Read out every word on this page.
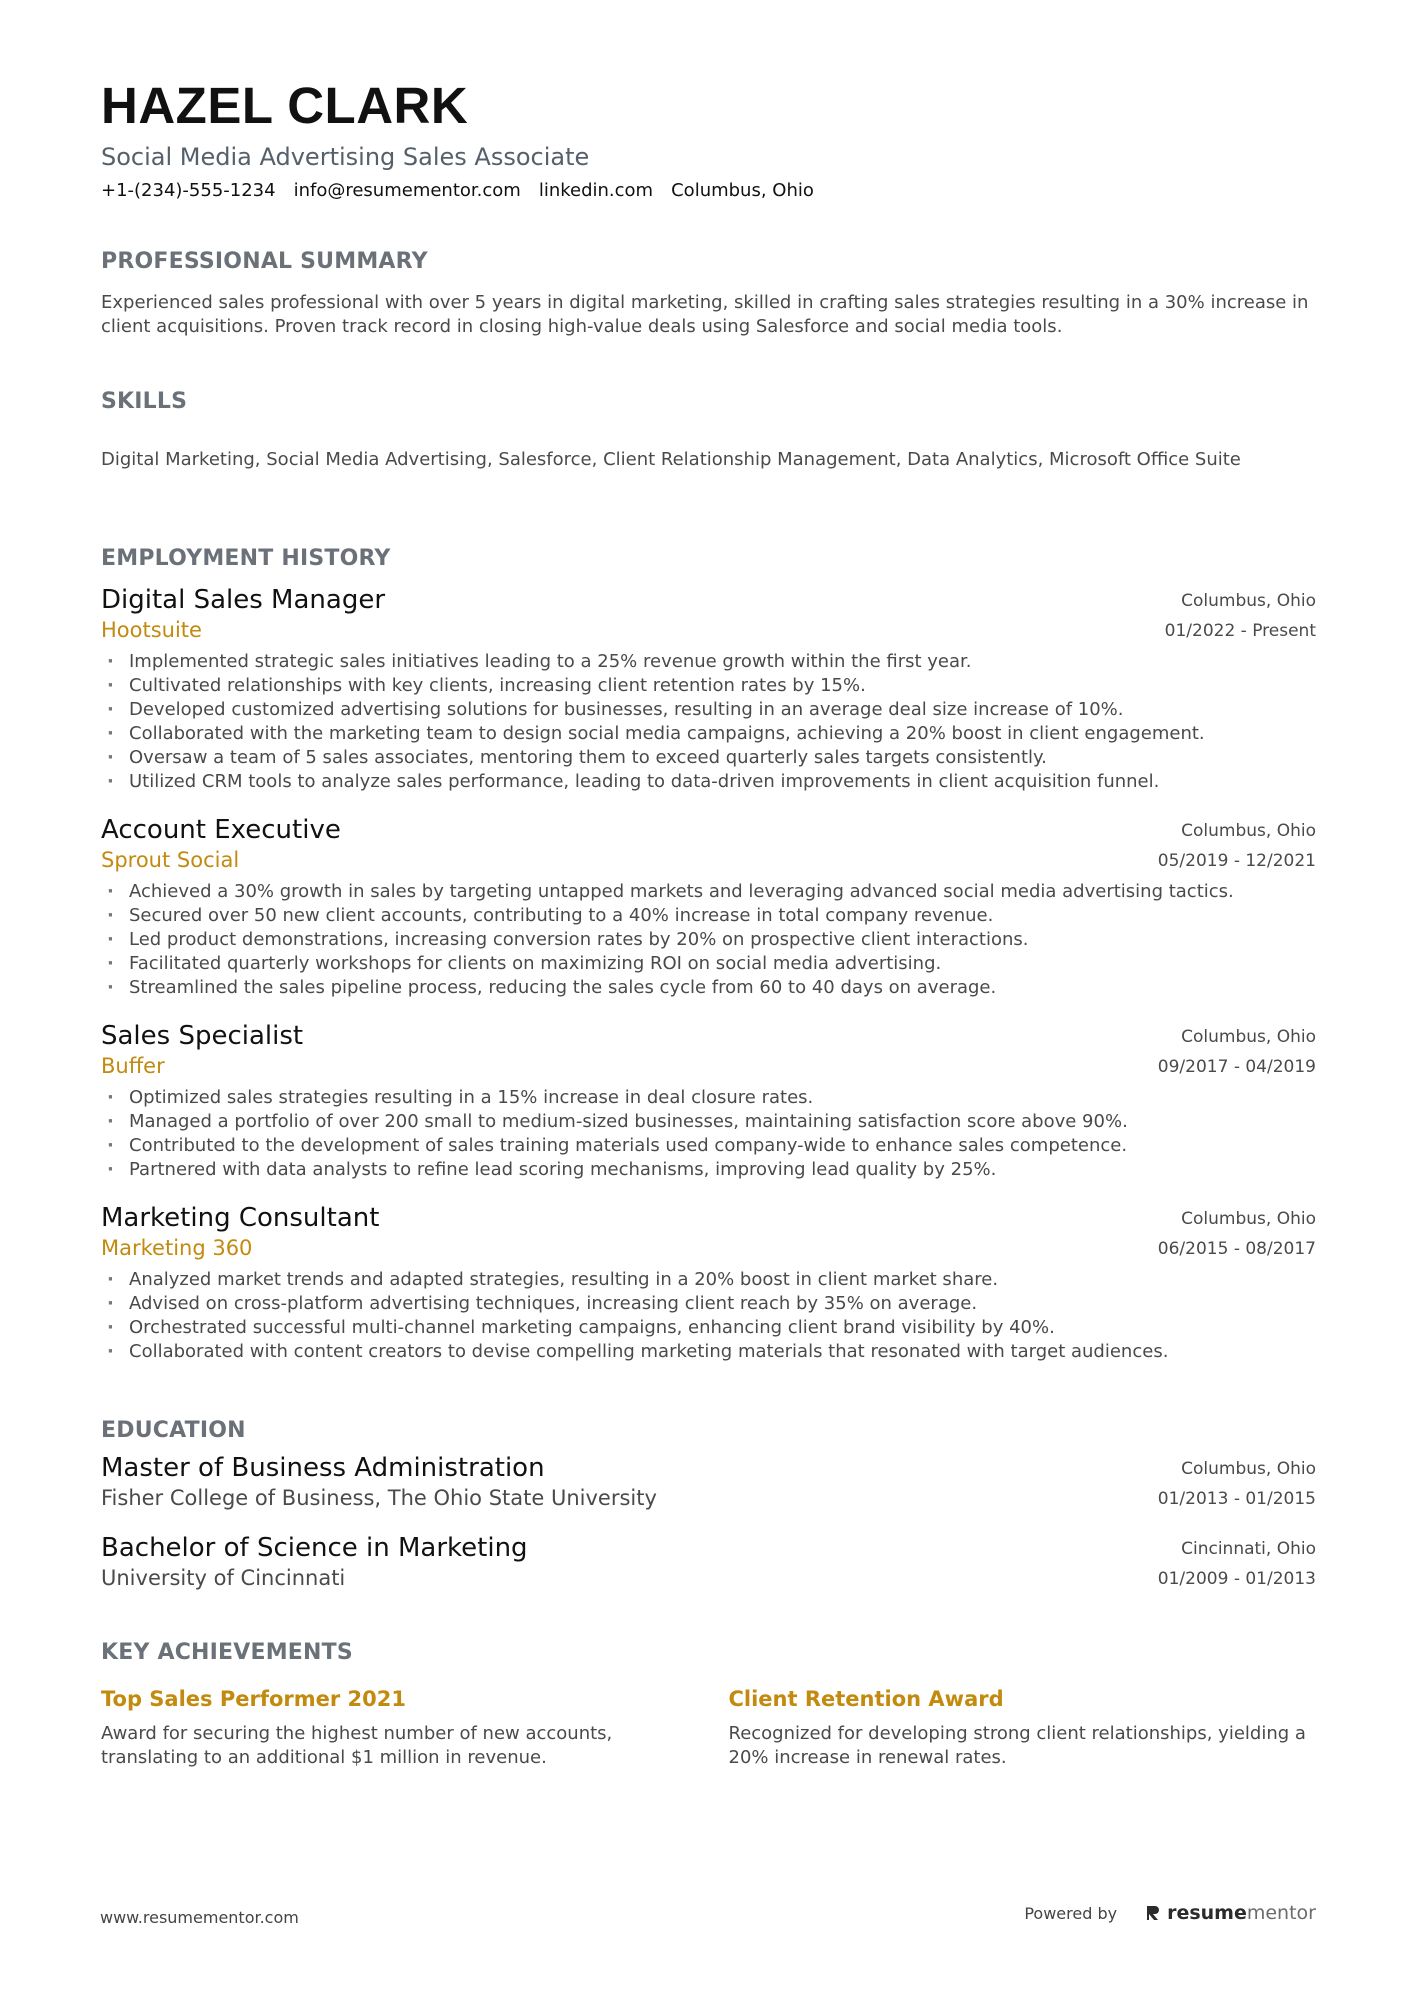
HAZEL CLARK
Social Media Advertising Sales Associate
+1-(234)-555-1234 info@resumementor.com linkedin.com Columbus, Ohio
PROFESSIONAL SUMMARY
Experienced sales professional with over 5 years in digital marketing, skilled in crafting sales strategies resulting in a 30% increase in client acquisitions. Proven track record in closing high-value deals using Salesforce and social media tools.
SKILLS
Digital Marketing, Social Media Advertising, Salesforce, Client Relationship Management, Data Analytics, Microsoft Office Suite
EMPLOYMENT HISTORY
Digital Sales Manager
Hootsuite
Columbus, Ohio
01/2022 - Present
· Implemented strategic sales initiatives leading to a 25% revenue growth within the first year.
· Cultivated relationships with key clients, increasing client retention rates by 15%.
· Developed customized advertising solutions for businesses, resulting in an average deal size increase of 10%.
· Collaborated with the marketing team to design social media campaigns, achieving a 20% boost in client engagement.
· Oversaw a team of 5 sales associates, mentoring them to exceed quarterly sales targets consistently.
· Utilized CRM tools to analyze sales performance, leading to data-driven improvements in client acquisition funnel.
Account Executive
Sprout Social
Columbus, Ohio
05/2019 - 12/2021
· Achieved a 30% growth in sales by targeting untapped markets and leveraging advanced social media advertising tactics.
· Secured over 50 new client accounts, contributing to a 40% increase in total company revenue.
· Led product demonstrations, increasing conversion rates by 20% on prospective client interactions.
· Facilitated quarterly workshops for clients on maximizing ROI on social media advertising.
· Streamlined the sales pipeline process, reducing the sales cycle from 60 to 40 days on average.
Sales Specialist
Buffer
Columbus, Ohio
09/2017 - 04/2019
· Optimized sales strategies resulting in a 15% increase in deal closure rates.
· Managed a portfolio of over 200 small to medium-sized businesses, maintaining satisfaction score above 90%.
· Contributed to the development of sales training materials used company-wide to enhance sales competence.
· Partnered with data analysts to refine lead scoring mechanisms, improving lead quality by 25%.
Marketing Consultant
Marketing 360
Columbus, Ohio
06/2015 - 08/2017
· Analyzed market trends and adapted strategies, resulting in a 20% boost in client market share.
· Advised on cross-platform advertising techniques, increasing client reach by 35% on average.
· Orchestrated successful multi-channel marketing campaigns, enhancing client brand visibility by 40%.
· Collaborated with content creators to devise compelling marketing materials that resonated with target audiences.
EDUCATION
Master of Business Administration
Fisher College of Business, The Ohio State University
Columbus, Ohio
01/2013 - 01/2015
Bachelor of Science in Marketing
University of Cincinnati
Cincinnati, Ohio
01/2009 - 01/2013
KEY ACHIEVEMENTS
Top Sales Performer 2021
Award for securing the highest number of new accounts, translating to an additional $1 million in revenue.
Client Retention Award
Recognized for developing strong client relationships, yielding a 20% increase in renewal rates.
www.resumementor.com	Powered by	resume mentor
